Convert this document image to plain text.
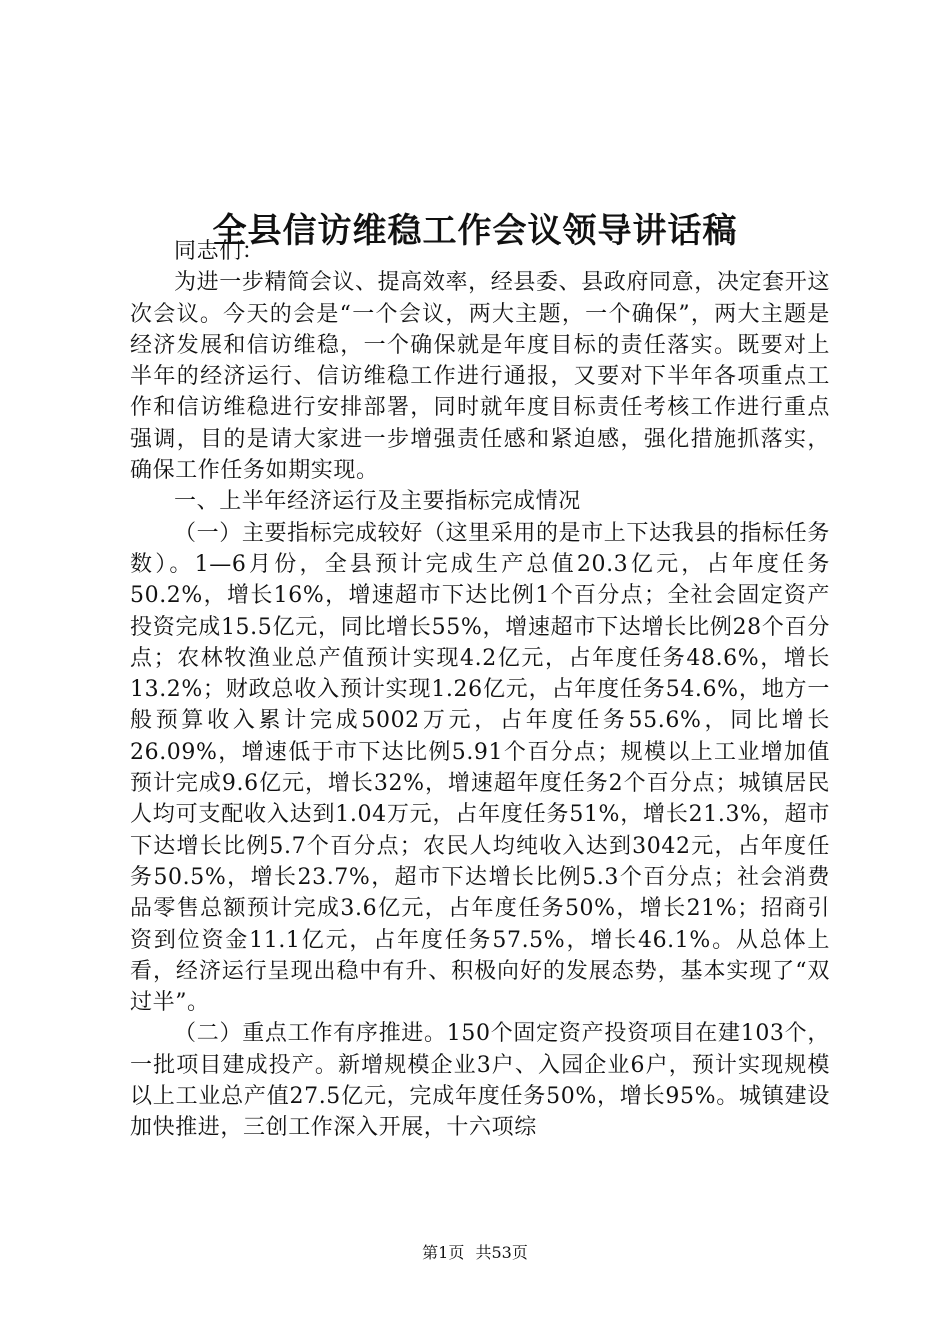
全县信访维稳工作会议领导讲话稿

同志们：

为进一步精简会议、提高效率，经县委、县政府同意，决定套开这次会议。今天的会是“一个会议，两大主题，一个确保”，两大主题是经济发展和信访维稳，一个确保就是年度目标的责任落实。既要对上半年的经济运行、信访维稳工作进行通报，又要对下半年各项重点工作和信访维稳进行安排部署，同时就年度目标责任考核工作进行重点强调，目的是请大家进一步增强责任感和紧迫感，强化措施抓落实，确保工作任务如期实现。

一、上半年经济运行及主要指标完成情况

（一）主要指标完成较好（这里采用的是市上下达我县的指标任务数）。1—6月份，全县预计完成生产总值20.3亿元，占年度任务50.2%，增长16%，增速超市下达比例1个百分点；全社会固定资产投资完成15.5亿元，同比增长55%，增速超市下达增长比例28个百分点；农林牧渔业总产值预计实现4.2亿元，占年度任务48.6%，增长13.2%；财政总收入预计实现1.26亿元，占年度任务54.6%，地方一般预算收入累计完成5002万元，占年度任务55.6%，同比增长26.09%，增速低于市下达比例5.91个百分点；规模以上工业增加值预计完成9.6亿元，增长32%，增速超年度任务2个百分点；城镇居民人均可支配收入达到1.04万元，占年度任务51%，增长21.3%，超市下达增长比例5.7个百分点；农民人均纯收入达到3042元，占年度任务50.5%，增长23.7%，超市下达增长比例5.3个百分点；社会消费品零售总额预计完成3.6亿元，占年度任务50%，增长21%；招商引资到位资金11.1亿元，占年度任务57.5%，增长46.1%。从总体上看，经济运行呈现出稳中有升、积极向好的发展态势，基本实现了“双过半”。

（二）重点工作有序推进。150个固定资产投资项目在建103个，一批项目建成投产。新增规模企业3户、入园企业6户，预计实现规模以上工业总产值27.5亿元，完成年度任务50%，增长95%。城镇建设加快推进，三创工作深入开展，十六项综

第1页 共53页
